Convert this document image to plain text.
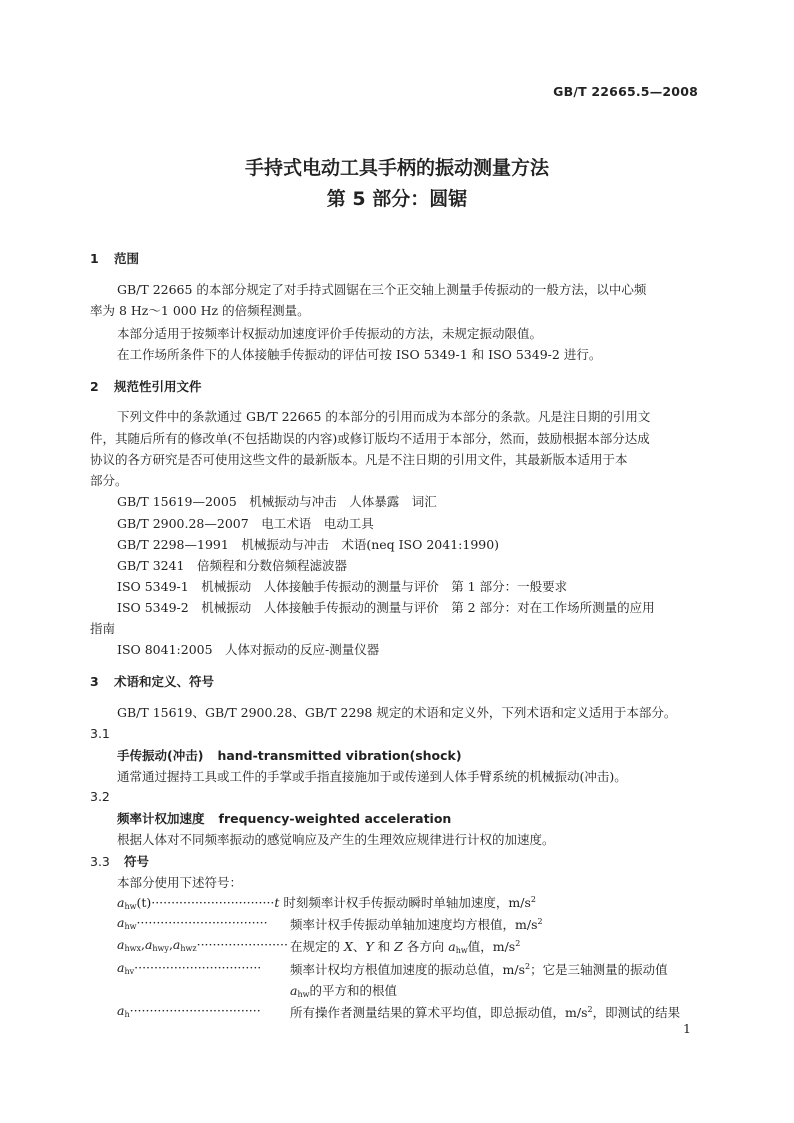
GB/T 22665.5—2008
手持式电动工具手柄的振动测量方法
第 5 部分：圆锯
1 范围
GB/T 22665 的本部分规定了对手持式圆锯在三个正交轴上测量手传振动的一般方法，以中心频
率为 8 Hz～1 000 Hz 的倍频程测量。
本部分适用于按频率计权振动加速度评价手传振动的方法，未规定振动限值。
在工作场所条件下的人体接触手传振动的评估可按 ISO 5349-1 和 ISO 5349-2 进行。
2 规范性引用文件
下列文件中的条款通过 GB/T 22665 的本部分的引用而成为本部分的条款。凡是注日期的引用文
件，其随后所有的修改单(不包括勘误的内容)或修订版均不适用于本部分，然而，鼓励根据本部分达成
协议的各方研究是否可使用这些文件的最新版本。凡是不注日期的引用文件，其最新版本适用于本
部分。
GB/T 15619—2005　机械振动与冲击　人体暴露　词汇
GB/T 2900.28—2007　电工术语　电动工具
GB/T 2298—1991　机械振动与冲击　术语(neq ISO 2041:1990)
GB/T 3241　倍频程和分数倍频程滤波器
ISO 5349-1　机械振动　人体接触手传振动的测量与评价　第 1 部分：一般要求
ISO 5349-2　机械振动　人体接触手传振动的测量与评价　第 2 部分：对在工作场所测量的应用
指南
ISO 8041:2005　人体对振动的反应-测量仪器
3 术语和定义、符号
GB/T 15619、GB/T 2900.28、GB/T 2298 规定的术语和定义外，下列术语和定义适用于本部分。
3.1
手传振动(冲击) hand-transmitted vibration(shock)
通常通过握持工具或工件的手掌或手指直接施加于或传递到人体手臂系统的机械振动(冲击)。
3.2
频率计权加速度 frequency-weighted acceleration
根据人体对不同频率振动的感觉响应及产生的生理效应规律进行计权的加速度。
3.3 符号
本部分使用下述符号：
$a_{hw}(t)\cdot\cdot\cdot\cdot\cdot\cdot\cdot\cdot\cdot\cdot\cdot\cdot\cdot\cdot\cdot\cdot\cdot\cdot\cdot\cdot\cdot\cdot\cdot\cdot\cdot\cdot\cdot\cdot\cdot\cdot\cdot t$ 时刻频率计权手传振动瞬时单轴加速度，$m/s^2$
$a_{hw}\cdot\cdot\cdot\cdot\cdot\cdot\cdot\cdot\cdot\cdot\cdot\cdot\cdot\cdot\cdot\cdot\cdot\cdot\cdot\cdot\cdot\cdot\cdot\cdot\cdot\cdot\cdot\cdot\cdot\cdot\cdot\cdot\cdot$ 频率计权手传振动单轴加速度均方根值，$m/s^2$
$a_{hwx},a_{hwy},a_{hwz}\cdot\cdot\cdot\cdot\cdot\cdot\cdot\cdot\cdot\cdot\cdot\cdot\cdot\cdot\cdot\cdot\cdot\cdot\cdot\cdot\cdot\cdot\cdot$ 在规定的 X、Y 和 Z 各方向 $a_{hw}$值，$m/s^2$
$a_{hv}\cdot\cdot\cdot\cdot\cdot\cdot\cdot\cdot\cdot\cdot\cdot\cdot\cdot\cdot\cdot\cdot\cdot\cdot\cdot\cdot\cdot\cdot\cdot\cdot\cdot\cdot\cdot\cdot\cdot\cdot\cdot\cdot$ 频率计权均方根值加速度的振动总值，$m/s^2$；它是三轴测量的振动值
$a_{hw}$的平方和的根值
$a_h\cdot\cdot\cdot\cdot\cdot\cdot\cdot\cdot\cdot\cdot\cdot\cdot\cdot\cdot\cdot\cdot\cdot\cdot\cdot\cdot\cdot\cdot\cdot\cdot\cdot\cdot\cdot\cdot\cdot\cdot\cdot\cdot\cdot$ 所有操作者测量结果的算术平均值，即总振动值，$m/s^2$，即测试的结果
1
